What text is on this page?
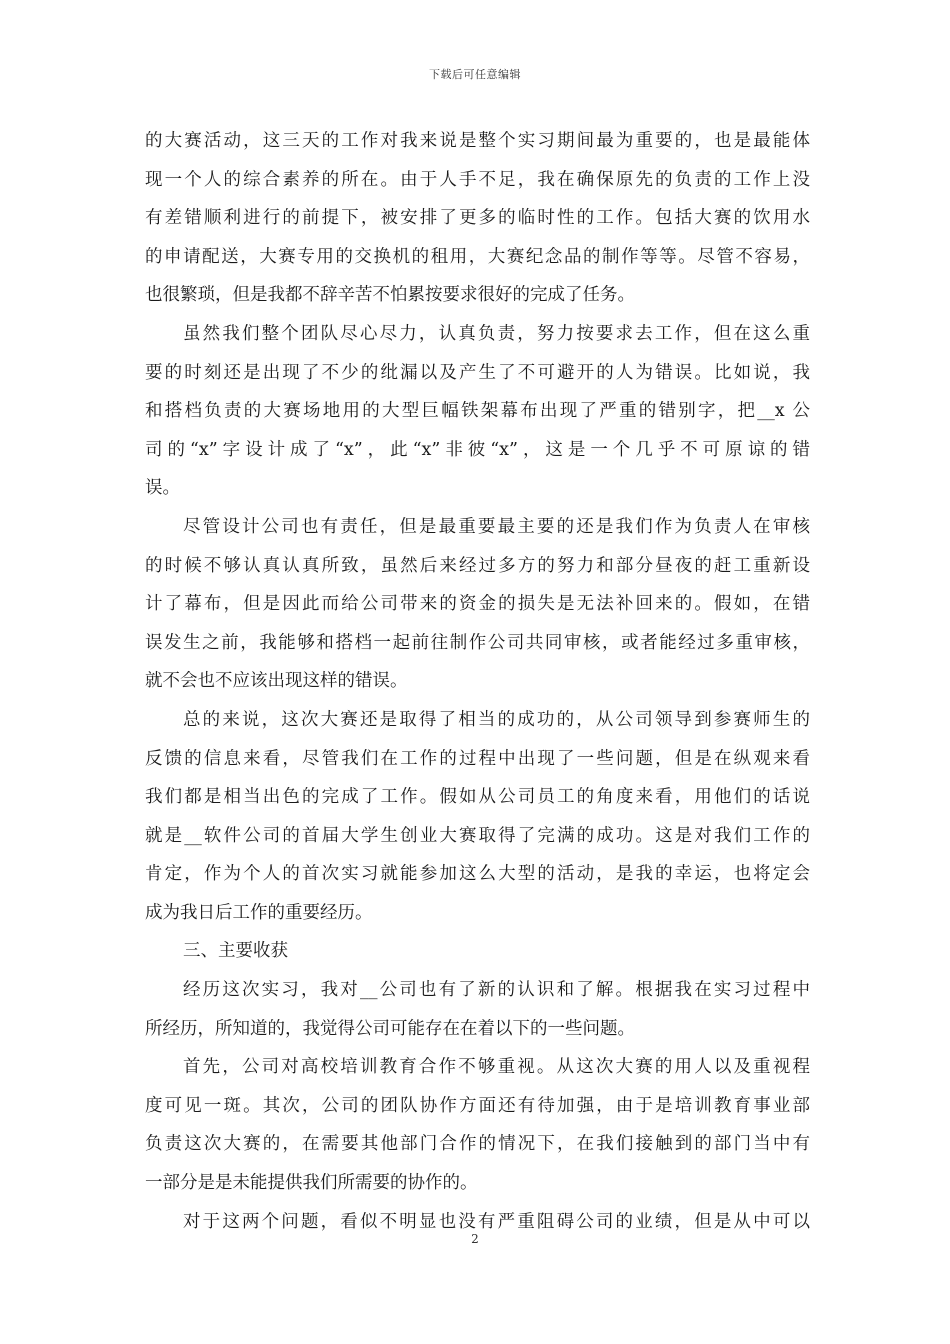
下载后可任意编辑
的大赛活动，这三天的工作对我来说是整个实习期间最为重要的，也是最能体
现一个人的综合素养的所在。由于人手不足，我在确保原先的负责的工作上没
有差错顺利进行的前提下，被安排了更多的临时性的工作。包括大赛的饮用水
的申请配送，大赛专用的交换机的租用，大赛纪念品的制作等等。尽管不容易，
也很繁琐，但是我都不辞辛苦不怕累按要求很好的完成了任务。
虽然我们整个团队尽心尽力，认真负责，努力按要求去工作，但在这么重
要的时刻还是出现了不少的纰漏以及产生了不可避开的人为错误。比如说，我
和搭档负责的大赛场地用的大型巨幅铁架幕布出现了严重的错别字，把__x 公
司的“x”字设计成了“x”，此“x”非彼“x”，这是一个几乎不可原谅的错
误。
尽管设计公司也有责任，但是最重要最主要的还是我们作为负责人在审核
的时候不够认真认真所致，虽然后来经过多方的努力和部分昼夜的赶工重新设
计了幕布，但是因此而给公司带来的资金的损失是无法补回来的。假如，在错
误发生之前，我能够和搭档一起前往制作公司共同审核，或者能经过多重审核，
就不会也不应该出现这样的错误。
总的来说，这次大赛还是取得了相当的成功的，从公司领导到参赛师生的
反馈的信息来看，尽管我们在工作的过程中出现了一些问题，但是在纵观来看
我们都是相当出色的完成了工作。假如从公司员工的角度来看，用他们的话说
就是__软件公司的首届大学生创业大赛取得了完满的成功。这是对我们工作的
肯定，作为个人的首次实习就能参加这么大型的活动，是我的幸运，也将定会
成为我日后工作的重要经历。
三、主要收获
经历这次实习，我对__公司也有了新的认识和了解。根据我在实习过程中
所经历，所知道的，我觉得公司可能存在在着以下的一些问题。
首先，公司对高校培训教育合作不够重视。从这次大赛的用人以及重视程
度可见一斑。其次，公司的团队协作方面还有待加强，由于是培训教育事业部
负责这次大赛的，在需要其他部门合作的情况下，在我们接触到的部门当中有
一部分是是未能提供我们所需要的协作的。
对于这两个问题，看似不明显也没有严重阻碍公司的业绩，但是从中可以
2
